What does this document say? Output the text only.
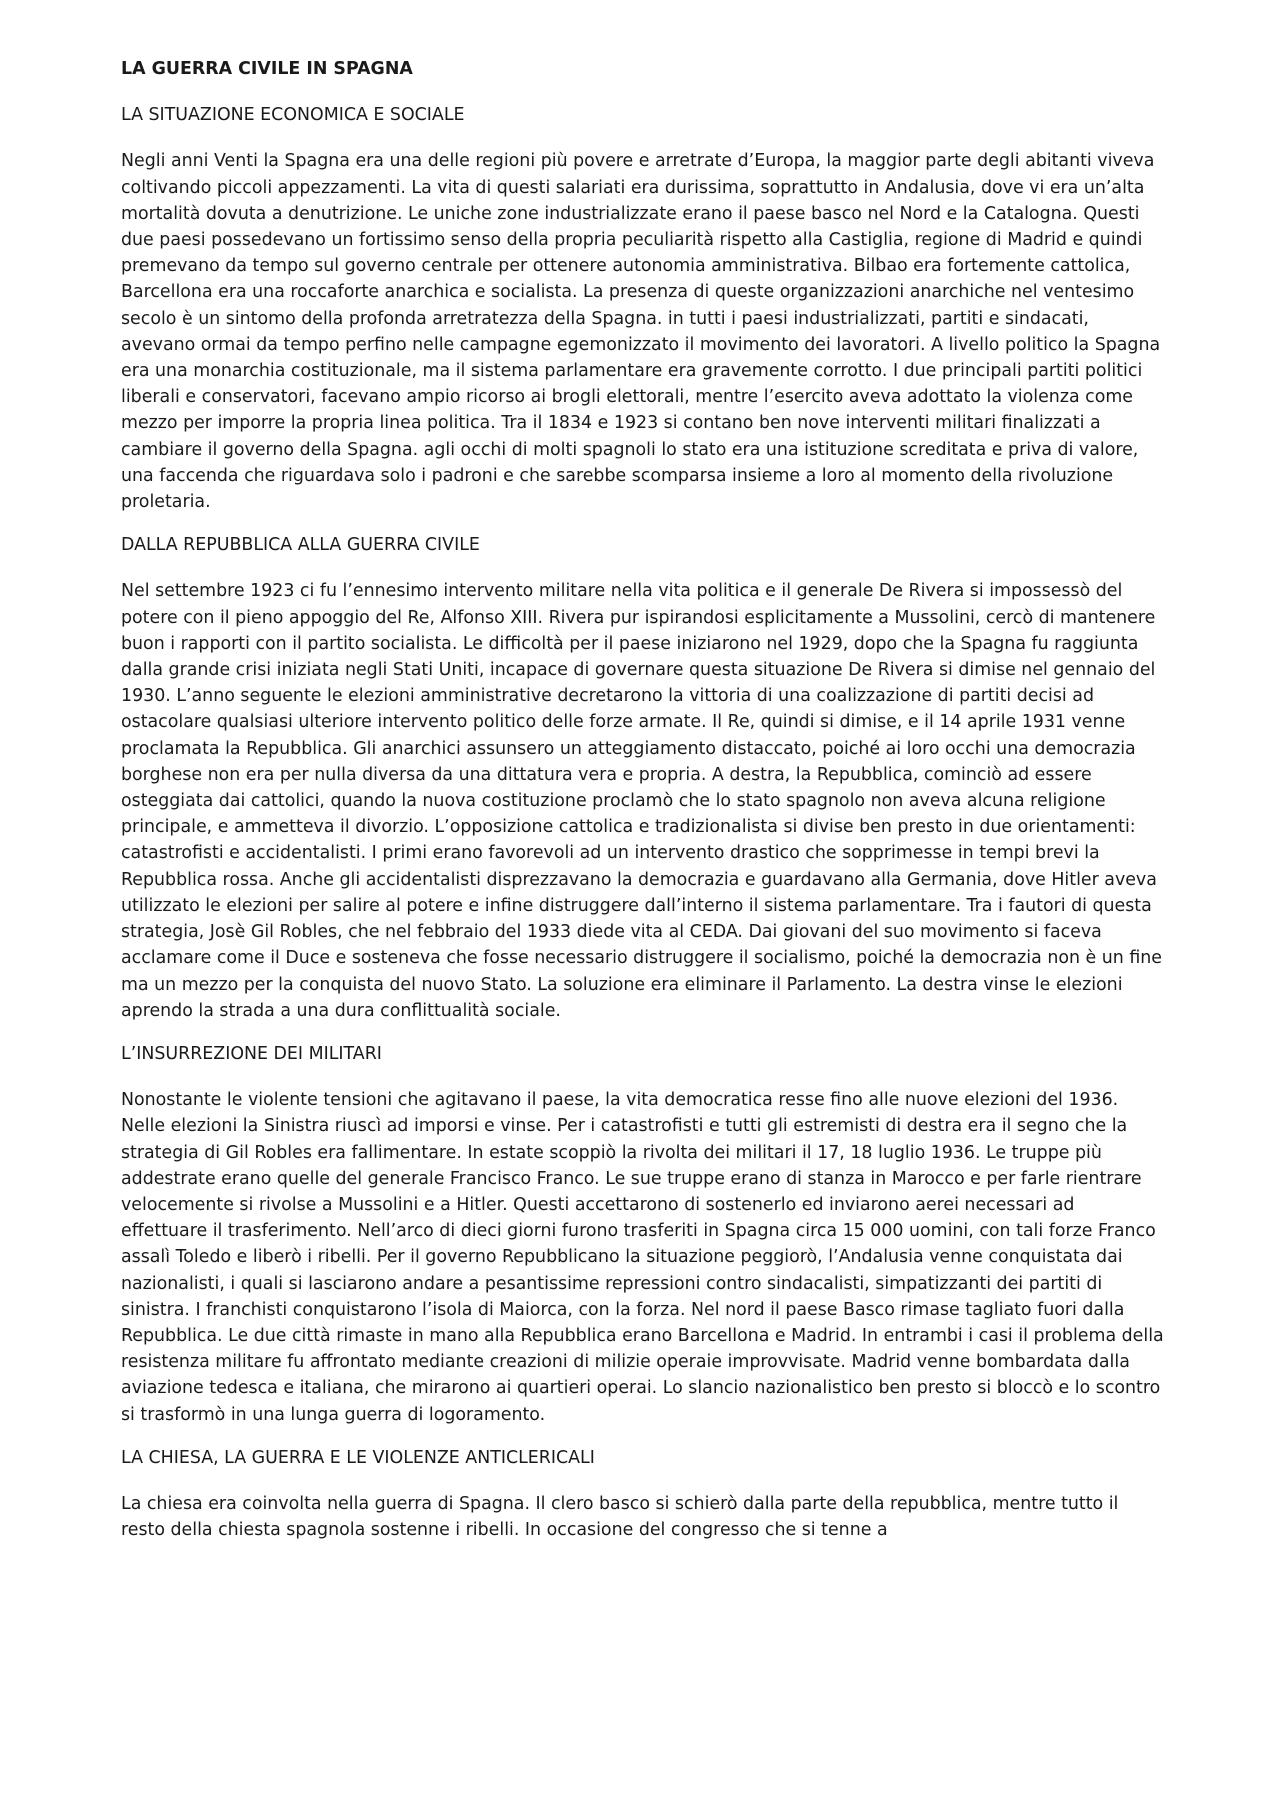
LA GUERRA CIVILE IN SPAGNA
LA SITUAZIONE ECONOMICA E SOCIALE

Negli anni Venti la Spagna era una delle regioni più povere e arretrate d’Europa, la maggior parte degli abitanti viveva coltivando piccoli appezzamenti. La vita di questi salariati era durissima, soprattutto in Andalusia, dove vi era un’alta mortalità dovuta a denutrizione. Le uniche zone industrializzate erano il paese basco nel Nord e la Catalogna. Questi due paesi possedevano un fortissimo senso della propria peculiarità rispetto alla Castiglia, regione di Madrid e quindi premevano da tempo sul governo centrale per ottenere autonomia amministrativa. Bilbao era fortemente cattolica, Barcellona era una roccaforte anarchica e socialista. La presenza di queste organizzazioni anarchiche nel ventesimo secolo è un sintomo della profonda arretratezza della Spagna. in tutti i paesi industrializzati, partiti e sindacati, avevano ormai da tempo perfino nelle campagne egemonizzato il movimento dei lavoratori. A livello politico la Spagna era una monarchia costituzionale, ma il sistema parlamentare era gravemente corrotto. I due principali partiti politici liberali e conservatori, facevano ampio ricorso ai brogli elettorali, mentre l’esercito aveva adottato la violenza come mezzo per imporre la propria linea politica. Tra il 1834 e 1923 si contano ben nove interventi militari finalizzati a cambiare il governo della Spagna. agli occhi di molti spagnoli lo stato era una istituzione screditata e priva di valore, una faccenda che riguardava solo i padroni e che sarebbe scomparsa insieme a loro al momento della rivoluzione proletaria.

DALLA REPUBBLICA ALLA GUERRA CIVILE

Nel settembre 1923 ci fu l’ennesimo intervento militare nella vita politica e il generale De Rivera si impossessò del potere con il pieno appoggio del Re, Alfonso XIII. Rivera pur ispirandosi esplicitamente a Mussolini, cercò di mantenere buon i rapporti con il partito socialista. Le difficoltà per il paese iniziarono nel 1929, dopo che la Spagna fu raggiunta dalla grande crisi iniziata negli Stati Uniti, incapace di governare questa situazione De Rivera si dimise nel gennaio del 1930. L’anno seguente le elezioni amministrative decretarono la vittoria di una coalizzazione di partiti decisi ad ostacolare qualsiasi ulteriore intervento politico delle forze armate. Il Re, quindi si dimise, e il 14 aprile 1931 venne proclamata la Repubblica. Gli anarchici assunsero un atteggiamento distaccato, poiché ai loro occhi una democrazia borghese non era per nulla diversa da una dittatura vera e propria. A destra, la Repubblica, cominciò ad essere osteggiata dai cattolici, quando la nuova costituzione proclamò che lo stato spagnolo non aveva alcuna religione principale, e ammetteva il divorzio. L’opposizione cattolica e tradizionalista si divise ben presto in due orientamenti: catastrofisti e accidentalisti. I primi erano favorevoli ad un intervento drastico che sopprimesse in tempi brevi la Repubblica rossa. Anche gli accidentalisti disprezzavano la democrazia e guardavano alla Germania, dove Hitler aveva utilizzato le elezioni per salire al potere e infine distruggere dall’interno il sistema parlamentare. Tra i fautori di questa strategia, Josè Gil Robles, che nel febbraio del 1933 diede vita al CEDA. Dai giovani del suo movimento si faceva acclamare come il Duce e sosteneva che fosse necessario distruggere il socialismo, poiché la democrazia non è un fine ma un mezzo per la conquista del nuovo Stato. La soluzione era eliminare il Parlamento. La destra vinse le elezioni aprendo la strada a una dura conflittualità sociale.

L’INSURREZIONE DEI MILITARI

Nonostante le violente tensioni che agitavano il paese, la vita democratica resse fino alle nuove elezioni del 1936. Nelle elezioni la Sinistra riuscì ad imporsi e vinse. Per i catastrofisti e tutti gli estremisti di destra era il segno che la strategia di Gil Robles era fallimentare. In estate scoppiò la rivolta dei militari il 17, 18 luglio 1936. Le truppe più addestrate erano quelle del generale Francisco Franco. Le sue truppe erano di stanza in Marocco e per farle rientrare velocemente si rivolse a Mussolini e a Hitler. Questi accettarono di sostenerlo ed inviarono aerei necessari ad effettuare il trasferimento. Nell’arco di dieci giorni furono trasferiti in Spagna circa 15 000 uomini, con tali forze Franco assalì Toledo e liberò i ribelli. Per il governo Repubblicano la situazione peggiorò, l’Andalusia venne conquistata dai nazionalisti, i quali si lasciarono andare a pesantissime repressioni contro sindacalisti, simpatizzanti dei partiti di sinistra. I franchisti conquistarono l’isola di Maiorca, con la forza. Nel nord il paese Basco rimase tagliato fuori dalla Repubblica. Le due città rimaste in mano alla Repubblica erano Barcellona e Madrid. In entrambi i casi il problema della resistenza militare fu affrontato mediante creazioni di milizie operaie improvvisate. Madrid venne bombardata dalla aviazione tedesca e italiana, che mirarono ai quartieri operai. Lo slancio nazionalistico ben presto si bloccò e lo scontro si trasformò in una lunga guerra di logoramento.

LA CHIESA, LA GUERRA E LE VIOLENZE ANTICLERICALI

La chiesa era coinvolta nella guerra di Spagna. Il clero basco si schierò dalla parte della repubblica, mentre tutto il resto della chiesta spagnola sostenne i ribelli. In occasione del congresso che si tenne a
